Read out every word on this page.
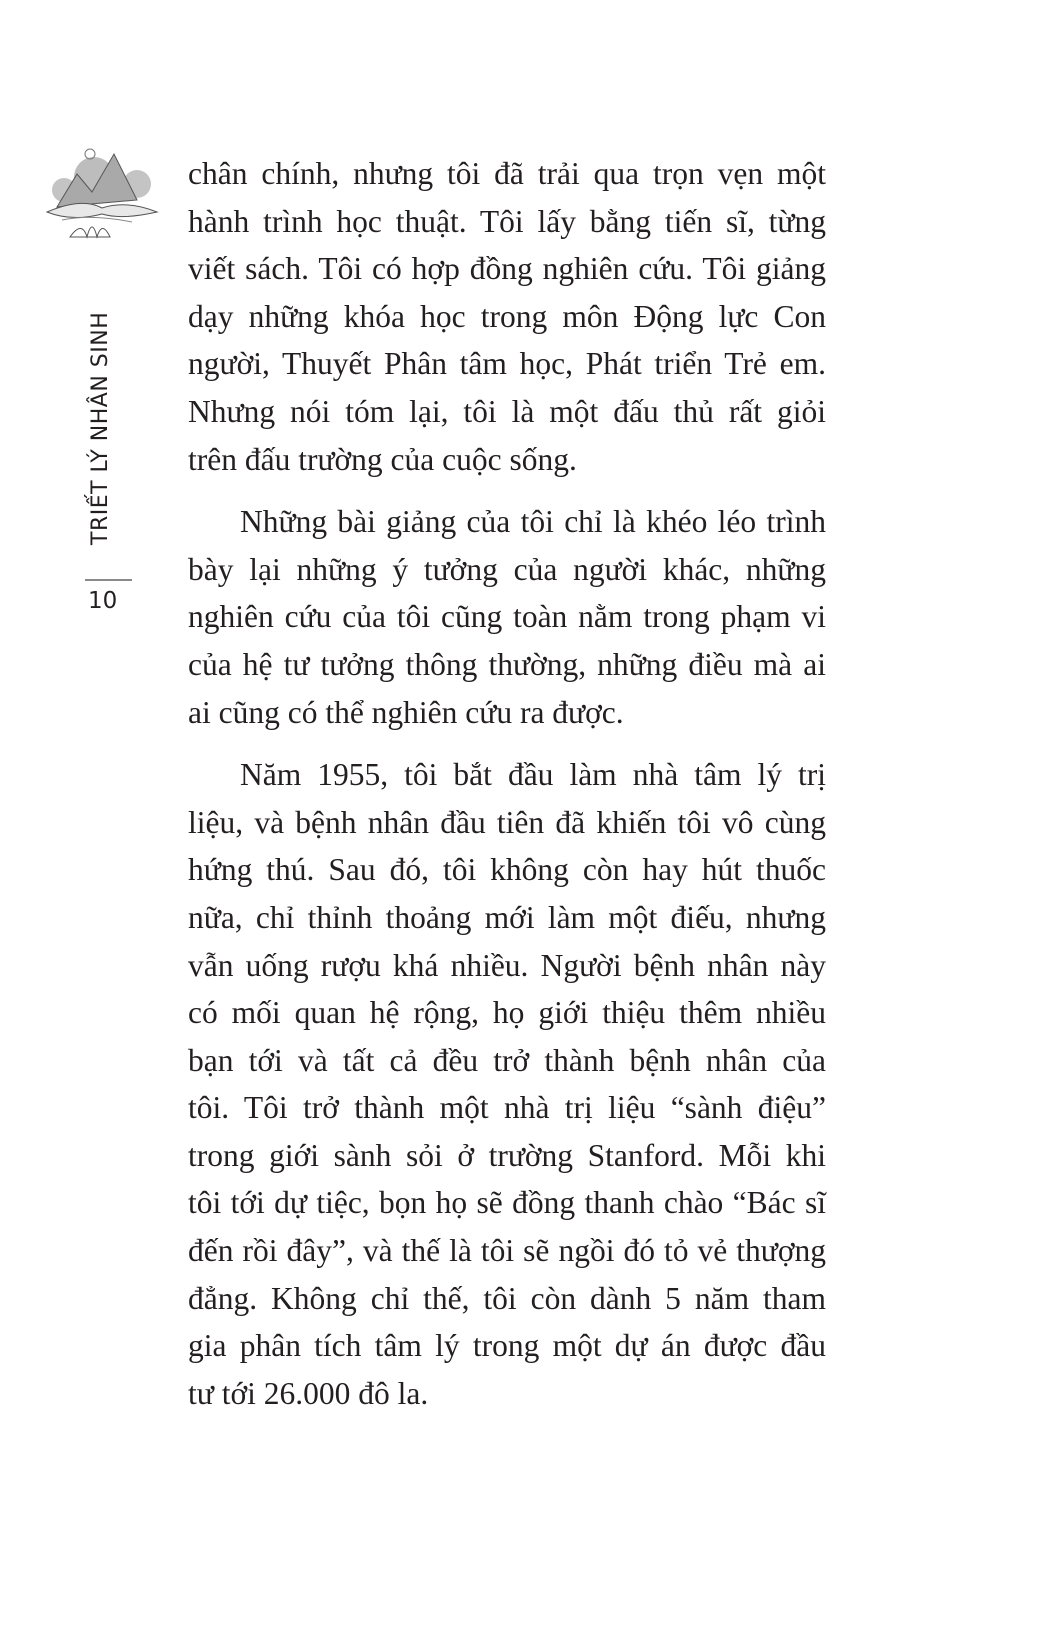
TRIẾT LÝ NHÂN SINH
10
chân chính, nhưng tôi đã trải qua trọn vẹn một
hành trình học thuật. Tôi lấy bằng tiến sĩ, từng
viết sách. Tôi có hợp đồng nghiên cứu. Tôi giảng
dạy những khóa học trong môn Động lực Con
người, Thuyết Phân tâm học, Phát triển Trẻ em.
Nhưng nói tóm lại, tôi là một đấu thủ rất giỏi
trên đấu trường của cuộc sống.
Những bài giảng của tôi chỉ là khéo léo trình
bày lại những ý tưởng của người khác, những
nghiên cứu của tôi cũng toàn nằm trong phạm vi
của hệ tư tưởng thông thường, những điều mà ai
ai cũng có thể nghiên cứu ra được.
Năm 1955, tôi bắt đầu làm nhà tâm lý trị
liệu, và bệnh nhân đầu tiên đã khiến tôi vô cùng
hứng thú. Sau đó, tôi không còn hay hút thuốc
nữa, chỉ thỉnh thoảng mới làm một điếu, nhưng
vẫn uống rượu khá nhiều. Người bệnh nhân này
có mối quan hệ rộng, họ giới thiệu thêm nhiều
bạn tới và tất cả đều trở thành bệnh nhân của
tôi. Tôi trở thành một nhà trị liệu “sành điệu”
trong giới sành sỏi ở trường Stanford. Mỗi khi
tôi tới dự tiệc, bọn họ sẽ đồng thanh chào “Bác sĩ
đến rồi đây”, và thế là tôi sẽ ngồi đó tỏ vẻ thượng
đẳng. Không chỉ thế, tôi còn dành 5 năm tham
gia phân tích tâm lý trong một dự án được đầu
tư tới 26.000 đô la.
